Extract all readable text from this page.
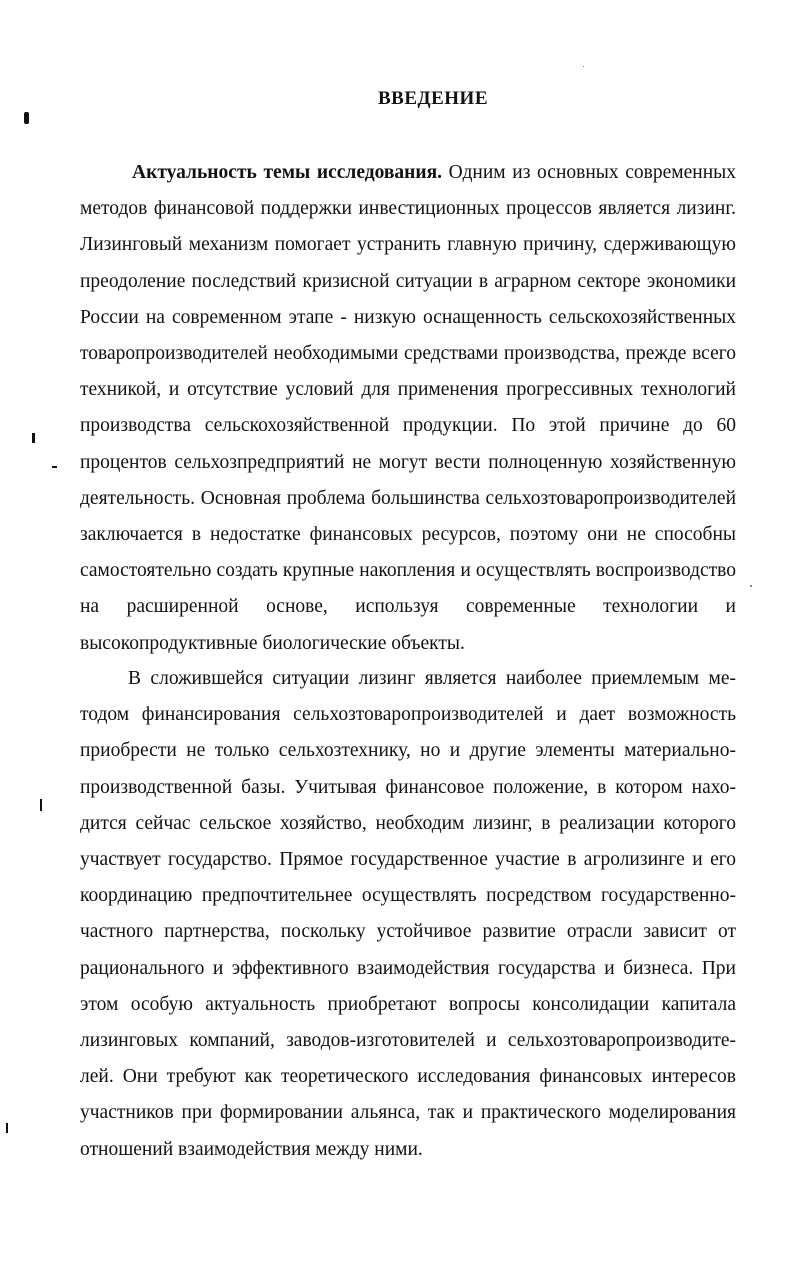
ВВЕДЕНИЕ

Актуальность темы исследования. Одним из основных современных методов финансовой поддержки инвестиционных процессов является лизинг. Лизинговый механизм помогает устранить главную причину, сдерживающую преодоление последствий кризисной ситуации в аграрном секторе экономики России на современном этапе - низкую оснащенность сельскохозяйственных товаропроизводителей необходимыми средствами производства, прежде всего техникой, и отсутствие условий для применения прогрессивных технологий производства сельскохозяйственной продукции. По этой причине до 60 процентов сельхозпредприятий не могут вести полноценную хозяйственную деятельность. Основная проблема большинства сельхозтоваропроизводителей заключается в недостатке финансовых ресурсов, поэтому они не способны самостоятельно создать крупные накопления и осуществлять воспроизводство на расширенной основе, используя современные технологии и высокопродуктивные биологические объекты.

В сложившейся ситуации лизинг является наиболее приемлемым методом финансирования сельхозтоваропроизводителей и дает возможность приобрести не только сельхозтехнику, но и другие элементы материально-производственной базы. Учитывая финансовое положение, в котором находится сейчас сельское хозяйство, необходим лизинг, в реализации которого участвует государство. Прямое государственное участие в агролизинге и его координацию предпочтительнее осуществлять посредством государственно-частного партнерства, поскольку устойчивое развитие отрасли зависит от рационального и эффективного взаимодействия государства и бизнеса. При этом особую актуальность приобретают вопросы консолидации капитала лизинговых компаний, заводов-изготовителей и сельхозтоваропроизводителей. Они требуют как теоретического исследования финансовых интересов участников при формировании альянса, так и практического моделирования отношений взаимодействия между ними.
